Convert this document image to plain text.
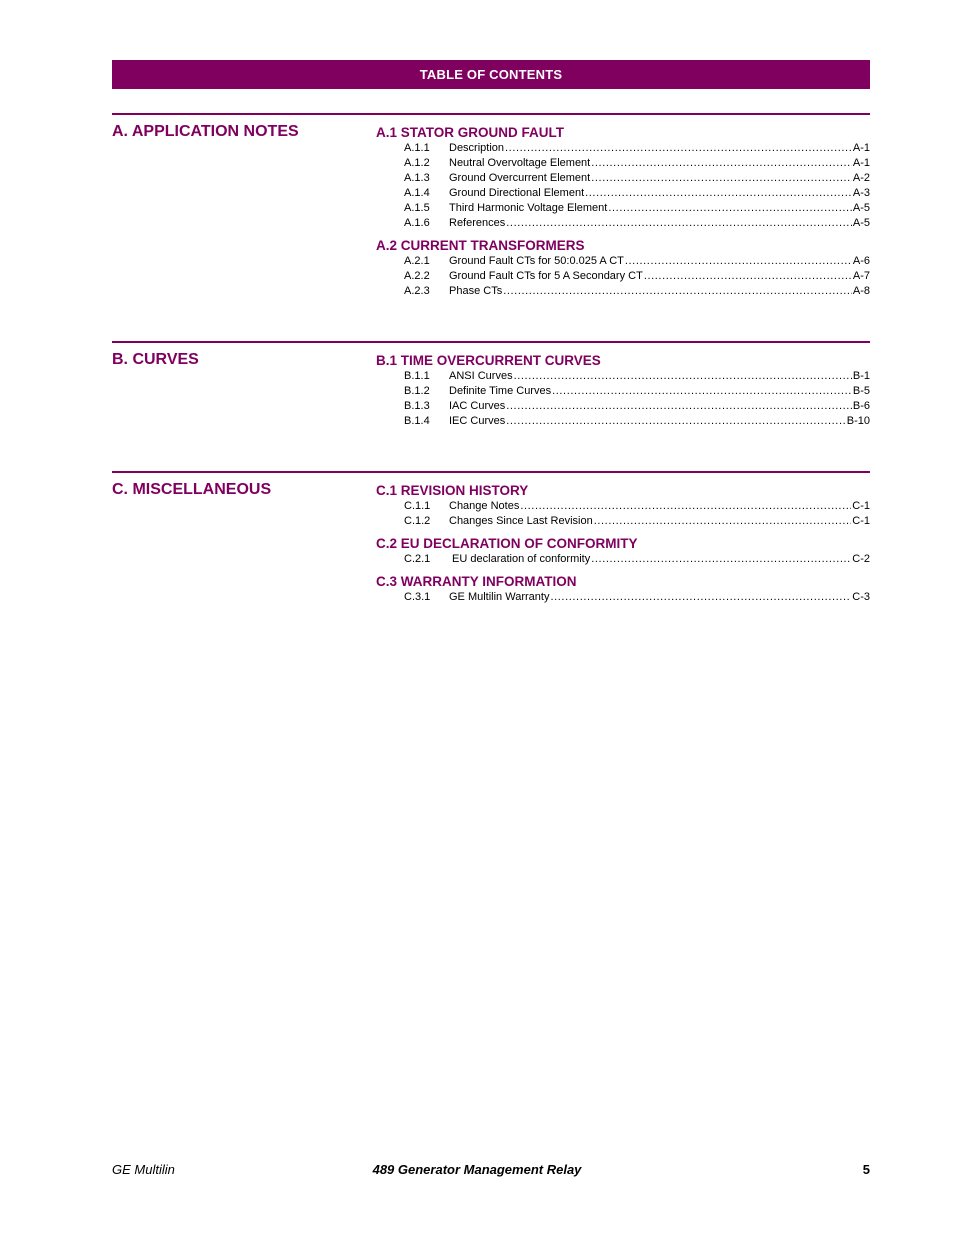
TABLE OF CONTENTS
A. APPLICATION NOTES	A.1 STATOR GROUND FAULT
A.1.1	Description .....	A-1
A.1.2	Neutral Overvoltage Element .....	A-1
A.1.3	Ground Overcurrent Element .....	A-2
A.1.4	Ground Directional Element .....	A-3
A.1.5	Third Harmonic Voltage Element .....	A-5
A.1.6	References .....	A-5
A.2 CURRENT TRANSFORMERS
A.2.1	Ground Fault CTs for 50:0.025 A CT .....	A-6
A.2.2	Ground Fault CTs for 5 A Secondary CT .....	A-7
A.2.3	Phase CTs .....	A-8
B. CURVES	B.1 TIME OVERCURRENT CURVES
B.1.1	ANSI Curves .....	B-1
B.1.2	Definite Time Curves .....	B-5
B.1.3	IAC Curves .....	B-6
B.1.4	IEC Curves .....	B-10
C. MISCELLANEOUS	C.1 REVISION HISTORY
C.1.1	Change Notes .....	C-1
C.1.2	Changes Since Last Revision .....	C-1
C.2 EU DECLARATION OF CONFORMITY
C.2.1	EU declaration of conformity .....	C-2
C.3 WARRANTY INFORMATION
C.3.1	GE Multilin Warranty .....	C-3
GE Multilin	489 Generator Management Relay	5
